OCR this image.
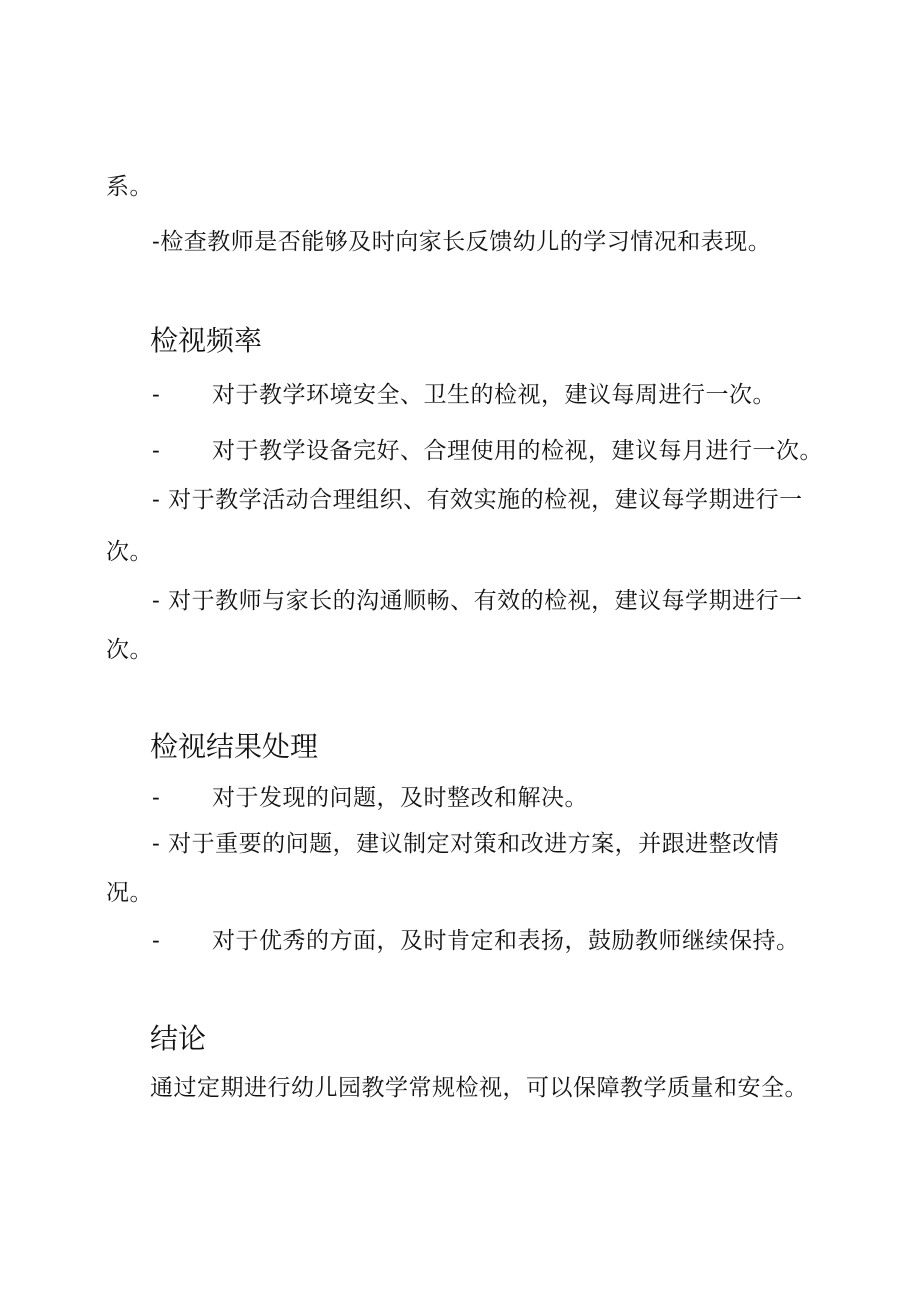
系。
-检查教师是否能够及时向家长反馈幼儿的学习情况和表现。
检视频率
- 对于教学环境安全、卫生的检视，建议每周进行一次。
- 对于教学设备完好、合理使用的检视，建议每月进行一次。
- 对于教学活动合理组织、有效实施的检视，建议每学期进行一
次。
- 对于教师与家长的沟通顺畅、有效的检视，建议每学期进行一
次。
检视结果处理
- 对于发现的问题，及时整改和解决。
- 对于重要的问题，建议制定对策和改进方案，并跟进整改情
况。
- 对于优秀的方面，及时肯定和表扬，鼓励教师继续保持。
结论
通过定期进行幼儿园教学常规检视，可以保障教学质量和安全。
